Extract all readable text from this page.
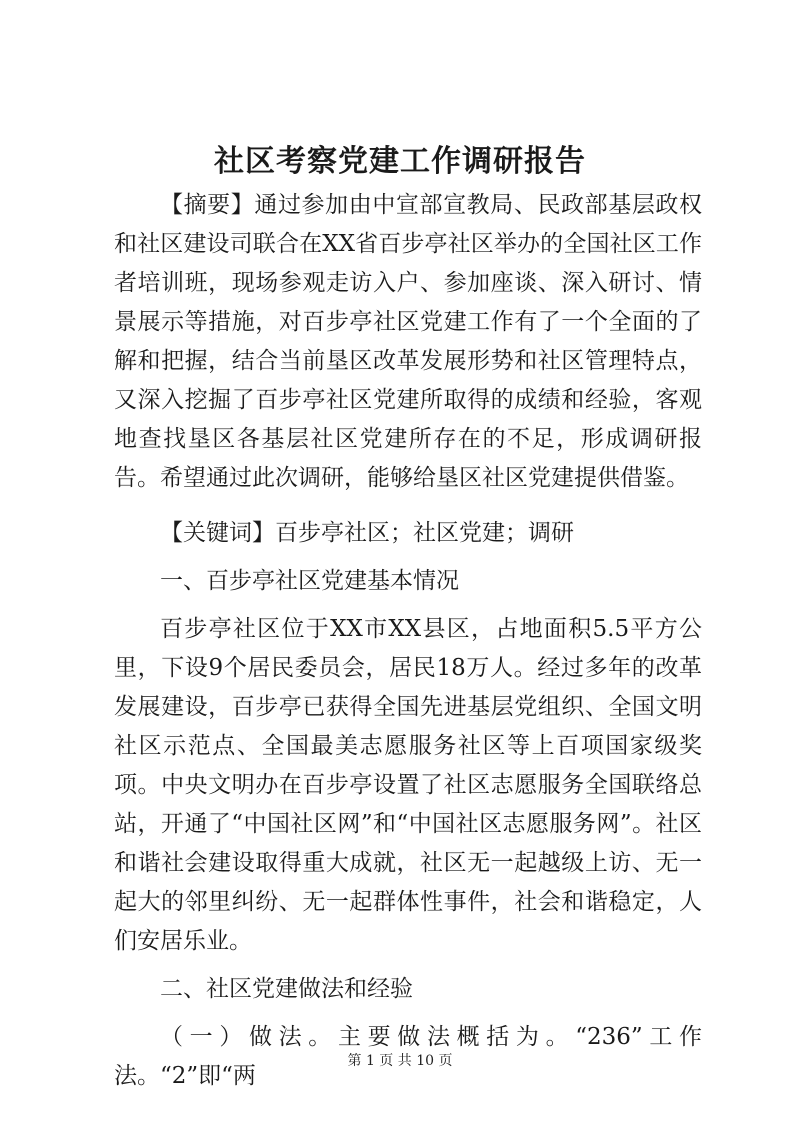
社区考察党建工作调研报告

【摘要】通过参加由中宣部宣教局、民政部基层政权和社区建设司联合在XX省百步亭社区举办的全国社区工作者培训班，现场参观走访入户、参加座谈、深入研讨、情景展示等措施，对百步亭社区党建工作有了一个全面的了解和把握，结合当前垦区改革发展形势和社区管理特点，又深入挖掘了百步亭社区党建所取得的成绩和经验，客观地查找垦区各基层社区党建所存在的不足，形成调研报告。希望通过此次调研，能够给垦区社区党建提供借鉴。

【关键词】百步亭社区；社区党建；调研

一、百步亭社区党建基本情况

百步亭社区位于XX市XX县区，占地面积5.5平方公里，下设9个居民委员会，居民18万人。经过多年的改革发展建设，百步亭已获得全国先进基层党组织、全国文明社区示范点、全国最美志愿服务社区等上百项国家级奖项。中央文明办在百步亭设置了社区志愿服务全国联络总站，开通了“中国社区网”和“中国社区志愿服务网”。社区和谐社会建设取得重大成就，社区无一起越级上访、无一起大的邻里纠纷、无一起群体性事件，社会和谐稳定，人们安居乐业。

二、社区党建做法和经验

（一）做法。主要做法概括为。“236”工作法。“2”即“两

第 1 页 共 10 页
